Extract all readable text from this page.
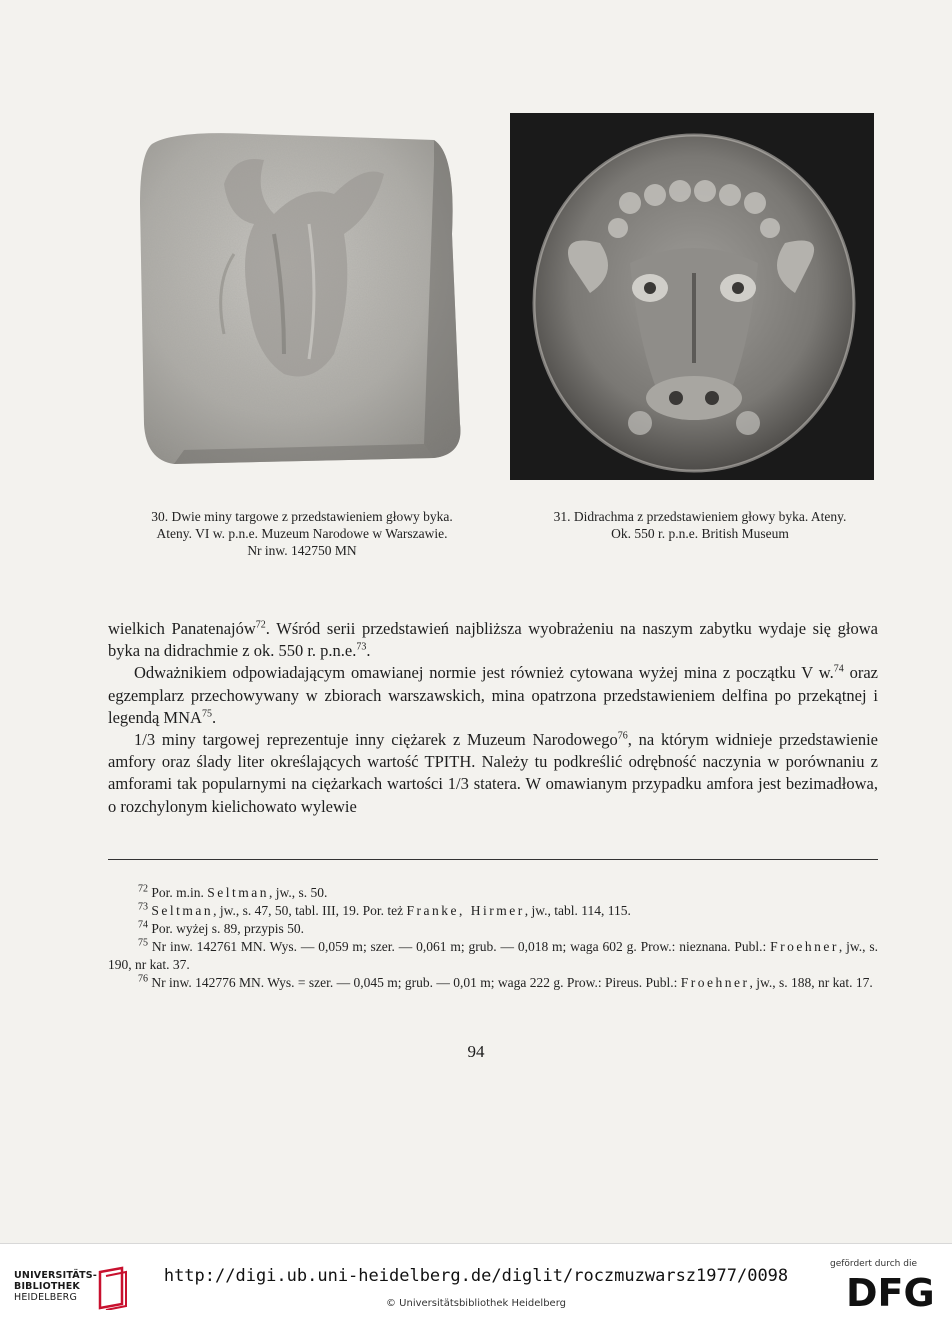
30. Dwie miny targowe z przedstawieniem głowy byka.
Ateny. VI w. p.n.e. Muzeum Narodowe w Warszawie.
Nr inw. 142750 MN
31. Didrachma z przedstawieniem głowy byka. Ateny.
Ok. 550 r. p.n.e. British Museum

wielkich Panatenajów$^{72}$. Wśród serii przedstawień najbliższa wyobrażeniu na naszym zabytku wydaje się głowa byka na didrachmie z ok. 550 r. p.n.e.$^{73}$.

Odważnikiem odpowiadającym omawianej normie jest również cytowana wyżej mina z początku V w.$^{74}$ oraz egzemplarz przechowywany w zbiorach warszawskich, mina opatrzona przedstawieniem delfina po przekątnej i legendą MNA$^{75}$.

1/3 miny targowej reprezentuje inny ciężarek z Muzeum Narodowego$^{76}$, na którym widnieje przedstawienie amfory oraz ślady liter określających wartość TPITH. Należy tu podkreślić odrębność naczynia w porównaniu z amforami tak popularnymi na ciężarkach wartości 1/3 statera. W omawianym przypadku amfora jest bezimadłowa, o rozchylonym kielichowato wylewie

$^{72}$ Por. m.in. Seltman, jw., s. 50.

$^{73}$ Seltman, jw., s. 47, 50, tabl. III, 19. Por. też Franke, Hirmer, jw., tabl. 114, 115.

$^{74}$ Por. wyżej s. 89, przypis 50.

$^{75}$ Nr inw. 142761 MN. Wys. — 0,059 m; szer. — 0,061 m; grub. — 0,018 m; waga 602 g. Prow.: nieznana. Publ.: Froehner, jw., s. 190, nr kat. 37.

$^{76}$ Nr inw. 142776 MN. Wys. = szer. — 0,045 m; grub. — 0,01 m; waga 222 g. Prow.: Pireus. Publ.: Froehner, jw., s. 188, nr kat. 17.

94
UNIVERSITÄTS-
BIBLIOTHEK
HEIDELBERG
http://digi.ub.uni-heidelberg.de/diglit/roczmuzwarsz1977/0098
© Universitätsbibliothek Heidelberg
gefördert durch die
DFG
